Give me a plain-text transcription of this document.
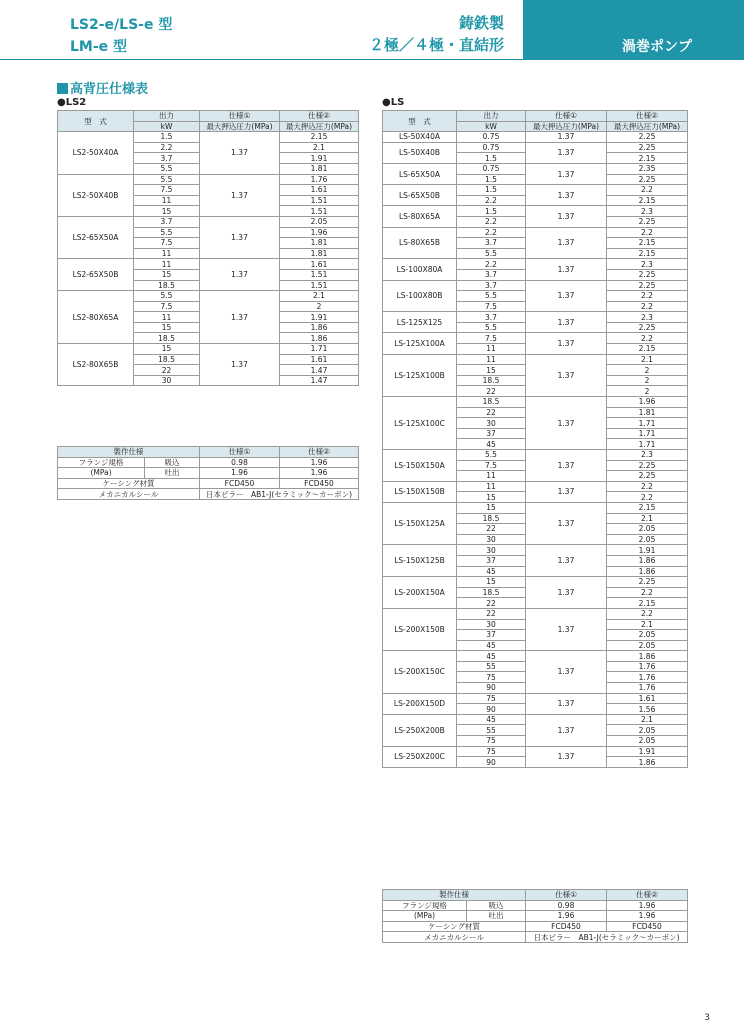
LS2-e/LS-e 型
LM-e 型
鋳鉄製
２極／４極・直結形	渦巻ポンプ
高背圧仕様表
●LS2	●LS
型　式	出力	仕様①	仕様②
	kW	最大押込圧力(MPa)	最大押込圧力(MPa)
LS2-50X40A	1.5	1.37	2.15
	2.2		2.1
	3.7		1.91
	5.5		1.81
LS2-50X40B	5.5	1.37	1.76
	7.5		1.61
	11		1.51
	15		1.51
LS2-65X50A	3.7	1.37	2.05
	5.5		1.96
	7.5		1.81
	11		1.81
LS2-65X50B	11	1.37	1.61
	15		1.51
	18.5		1.51
LS2-80X65A	5.5	1.37	2.1
	7.5		2
	11		1.91
	15		1.86
	18.5		1.86
LS2-80X65B	15	1.37	1.71
	18.5		1.61
	22		1.47
	30		1.47
製作仕様		仕様①	仕様②
フランジ規格	吸込	0.98	1.96
(MPa)	吐出	1.96	1.96
ケーシング材質		FCD450	FCD450
メカニカルシール		日本ピラー　AB1-J(セラミック～カーボン)	
型　式	出力	仕様①	仕様②
	kW	最大押込圧力(MPa)	最大押込圧力(MPa)
LS-50X40A	0.75	1.37	2.25
LS-50X40B	0.75	1.37	2.25
	1.5		2.15
LS-65X50A	0.75	1.37	2.35
	1.5		2.25
LS-65X50B	1.5	1.37	2.2
	2.2		2.15
LS-80X65A	1.5	1.37	2.3
	2.2		2.25
LS-80X65B	2.2	1.37	2.2
	3.7		2.15
	5.5		2.15
LS-100X80A	2.2	1.37	2.3
	3.7		2.25
LS-100X80B	3.7	1.37	2.25
	5.5		2.2
	7.5		2.2
LS-125X125	3.7	1.37	2.3
	5.5		2.25
LS-125X100A	7.5	1.37	2.2
	11		2.15
LS-125X100B	11	1.37	2.1
	15		2
	18.5		2
	22		2
LS-125X100C	18.5	1.37	1.96
	22		1.81
	30		1.71
	37		1.71
	45		1.71
LS-150X150A	5.5	1.37	2.3
	7.5		2.25
	11		2.25
LS-150X150B	11	1.37	2.2
	15		2.2
LS-150X125A	15	1.37	2.15
	18.5		2.1
	22		2.05
	30		2.05
LS-150X125B	30	1.37	1.91
	37		1.86
	45		1.86
LS-200X150A	15	1.37	2.25
	18.5		2.2
	22		2.15
LS-200X150B	22	1.37	2.2
	30		2.1
	37		2.05
	45		2.05
LS-200X150C	45	1.37	1.86
	55		1.76
	75		1.76
	90		1.76
LS-200X150D	75	1.37	1.61
	90		1.56
LS-250X200B	45	1.37	2.1
	55		2.05
	75		2.05
LS-250X200C	75	1.37	1.91
	90		1.86
製作仕様		仕様①	仕様②
フランジ規格	吸込	0.98	1.96
(MPa)	吐出	1.96	1.96
ケーシング材質		FCD450	FCD450
メカニカルシール		日本ピラー　AB1-J(セラミック～カーボン)	
3
